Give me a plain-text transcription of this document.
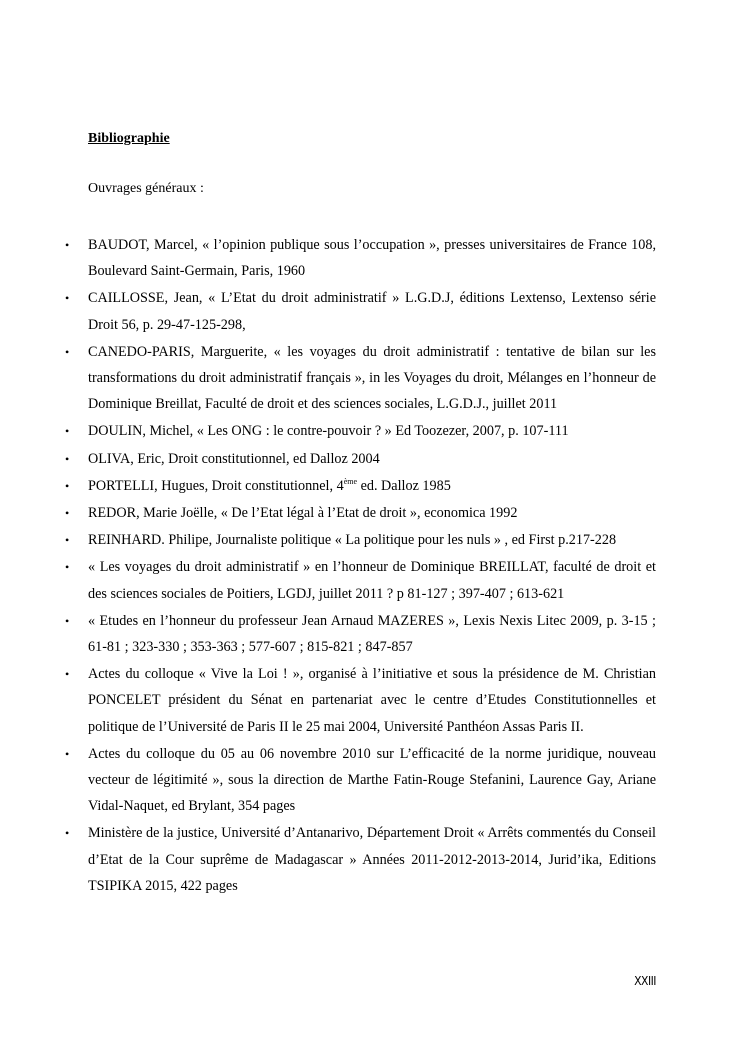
Bibliographie
Ouvrages généraux :
• BAUDOT, Marcel, « l’opinion publique sous l’occupation », presses universitaires de France 108, Boulevard Saint-Germain, Paris, 1960
• CAILLOSSE, Jean, « L’Etat du droit administratif » L.G.D.J, éditions Lextenso, Lextenso série Droit 56, p. 29-47-125-298,
• CANEDO-PARIS, Marguerite, « les voyages du droit administratif : tentative de bilan sur les transformations du droit administratif français », in les Voyages du droit, Mélanges en l’honneur de Dominique Breillat, Faculté de droit et des sciences sociales, L.G.D.J., juillet 2011
• DOULIN, Michel, « Les ONG : le contre-pouvoir ? » Ed Toozezer, 2007, p. 107-111
• OLIVA, Eric, Droit constitutionnel, ed Dalloz 2004
• PORTELLI, Hugues, Droit constitutionnel, 4ème ed. Dalloz 1985
• REDOR, Marie Joëlle, « De l’Etat légal à l’Etat de droit », economica 1992
• REINHARD. Philipe, Journaliste politique « La politique pour les nuls » , ed First p.217-228
• « Les voyages du droit administratif » en l’honneur de Dominique BREILLAT, faculté de droit et des sciences sociales de Poitiers, LGDJ, juillet 2011 ? p 81-127 ; 397-407 ; 613-621
• « Etudes en l’honneur du professeur Jean Arnaud MAZERES », Lexis Nexis Litec 2009, p. 3-15 ; 61-81 ; 323-330 ; 353-363 ; 577-607 ; 815-821 ; 847-857
• Actes du colloque « Vive la Loi ! », organisé à l’initiative et sous la présidence de M. Christian PONCELET président du Sénat en partenariat avec le centre d’Etudes Constitutionnelles et politique de l’Université de Paris II le 25 mai 2004, Université Panthéon Assas Paris II.
• Actes du colloque du 05 au 06 novembre 2010 sur L’efficacité de la norme juridique, nouveau vecteur de légitimité », sous la direction de Marthe Fatin-Rouge Stefanini, Laurence Gay, Ariane Vidal-Naquet, ed Brylant, 354 pages
• Ministère de la justice, Université d’Antanarivo, Département Droit « Arrêts commentés du Conseil d’Etat de la Cour suprême de Madagascar » Années 2011-2012-2013-2014, Jurid’ika, Editions TSIPIKA 2015, 422 pages
XXIII
